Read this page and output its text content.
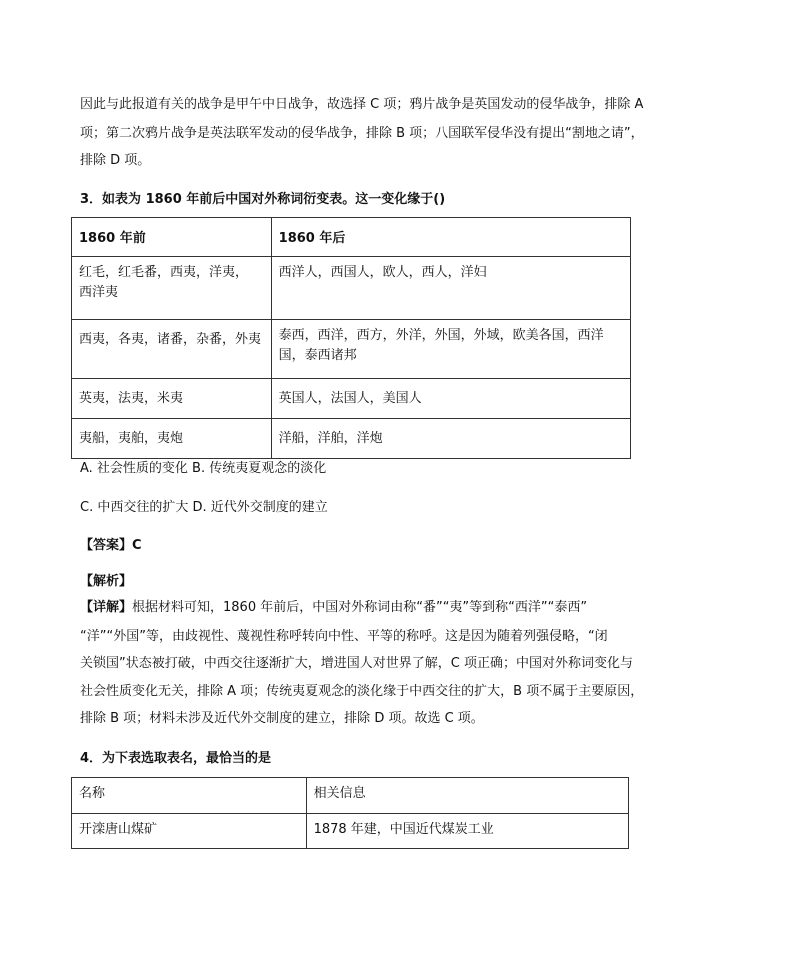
因此与此报道有关的战争是甲午中日战争，故选择 C 项；鸦片战争是英国发动的侵华战争，排除 A
项；第二次鸦片战争是英法联军发动的侵华战争，排除 B 项；八国联军侵华没有提出“割地之请”，
排除 D 项。
3．如表为 1860 年前后中国对外称词衍变表。这一变化缘于()
1860 年前	1860 年后
红毛，红毛番，西夷，洋夷，
西洋夷	西洋人，西国人，欧人，西人，洋妇
西夷，各夷，诸番，杂番，外夷	泰西，西洋，西方，外洋，外国，外域，欧美各国，西洋
国，泰西诸邦
英夷，法夷，米夷	英国人，法国人，美国人
夷船，夷舶，夷炮	洋船，洋舶，洋炮
A. 社会性质的变化 B. 传统夷夏观念的淡化
C. 中西交往的扩大 D. 近代外交制度的建立
【答案】C
【解析】
【详解】根据材料可知，1860 年前后，中国对外称词由称“番”“夷”等到称“西洋”“泰西”
“洋”“外国”等，由歧视性、蔑视性称呼转向中性、平等的称呼。这是因为随着列强侵略，“闭
关锁国”状态被打破，中西交往逐渐扩大，增进国人对世界了解，C 项正确；中国对外称词变化与
社会性质变化无关，排除 A 项；传统夷夏观念的淡化缘于中西交往的扩大，B 项不属于主要原因，
排除 B 项；材料未涉及近代外交制度的建立，排除 D 项。故选 C 项。
4．为下表选取表名，最恰当的是
名称	相关信息
开滦唐山煤矿	1878 年建，中国近代煤炭工业
